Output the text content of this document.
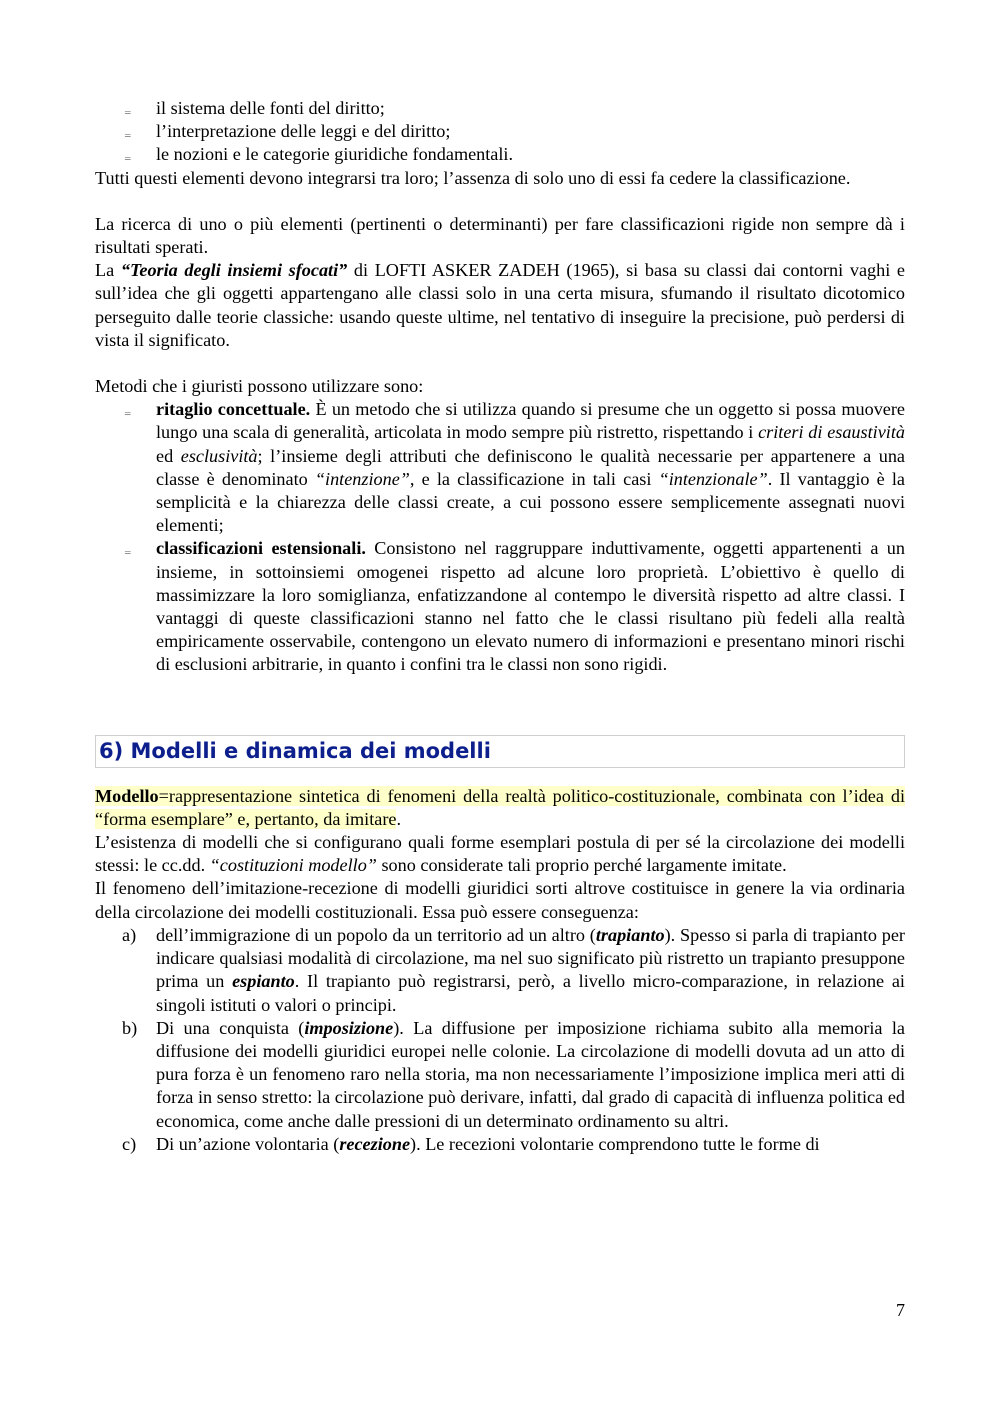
‗ il sistema delle fonti del diritto;
‗ l’interpretazione delle leggi e del diritto;
‗ le nozioni e le categorie giuridiche fondamentali.

Tutti questi elementi devono integrarsi tra loro; l’assenza di solo uno di essi fa cedere la classificazione.

La ricerca di uno o più elementi (pertinenti o determinanti) per fare classificazioni rigide non sempre dà i risultati sperati.

La “Teoria degli insiemi sfocati” di LOFTI ASKER ZADEH (1965), si basa su classi dai contorni vaghi e sull’idea che gli oggetti appartengano alle classi solo in una certa misura, sfumando il risultato dicotomico perseguito dalle teorie classiche: usando queste ultime, nel tentativo di inseguire la precisione, può perdersi di vista il significato.

Metodi che i giuristi possono utilizzare sono:

‗ ritaglio concettuale. È un metodo che si utilizza quando si presume che un oggetto si possa muovere lungo una scala di generalità, articolata in modo sempre più ristretto, rispettando i criteri di esaustività ed esclusività; l’insieme degli attributi che definiscono le qualità necessarie per appartenere a una classe è denominato “intenzione”, e la classificazione in tali casi “intenzionale”. Il vantaggio è la semplicità e la chiarezza delle classi create, a cui possono essere semplicemente assegnati nuovi elementi;
‗ classificazioni estensionali. Consistono nel raggruppare induttivamente, oggetti appartenenti a un insieme, in sottoinsiemi omogenei rispetto ad alcune loro proprietà. L’obiettivo è quello di massimizzare la loro somiglianza, enfatizzandone al contempo le diversità rispetto ad altre classi. I vantaggi di queste classificazioni stanno nel fatto che le classi risultano più fedeli alla realtà empiricamente osservabile, contengono un elevato numero di informazioni e presentano minori rischi di esclusioni arbitrarie, in quanto i confini tra le classi non sono rigidi.
6) Modelli e dinamica dei modelli

Modello=rappresentazione sintetica di fenomeni della realtà politico-costituzionale, combinata con l’idea di “forma esemplare” e, pertanto, da imitare.

L’esistenza di modelli che si configurano quali forme esemplari postula di per sé la circolazione dei modelli stessi: le cc.dd. “costituzioni modello” sono considerate tali proprio perché largamente imitate.

Il fenomeno dell’imitazione-recezione di modelli giuridici sorti altrove costituisce in genere la via ordinaria della circolazione dei modelli costituzionali. Essa può essere conseguenza:

a) dell’immigrazione di un popolo da un territorio ad un altro (trapianto). Spesso si parla di trapianto per indicare qualsiasi modalità di circolazione, ma nel suo significato più ristretto un trapianto presuppone prima un espianto. Il trapianto può registrarsi, però, a livello micro-comparazione, in relazione ai singoli istituti o valori o principi.
b) Di una conquista (imposizione). La diffusione per imposizione richiama subito alla memoria la diffusione dei modelli giuridici europei nelle colonie. La circolazione di modelli dovuta ad un atto di pura forza è un fenomeno raro nella storia, ma non necessariamente l’imposizione implica meri atti di forza in senso stretto: la circolazione può derivare, infatti, dal grado di capacità di influenza politica ed economica, come anche dalle pressioni di un determinato ordinamento su altri.
c) Di un’azione volontaria (recezione). Le recezioni volontarie comprendono tutte le forme di
7
